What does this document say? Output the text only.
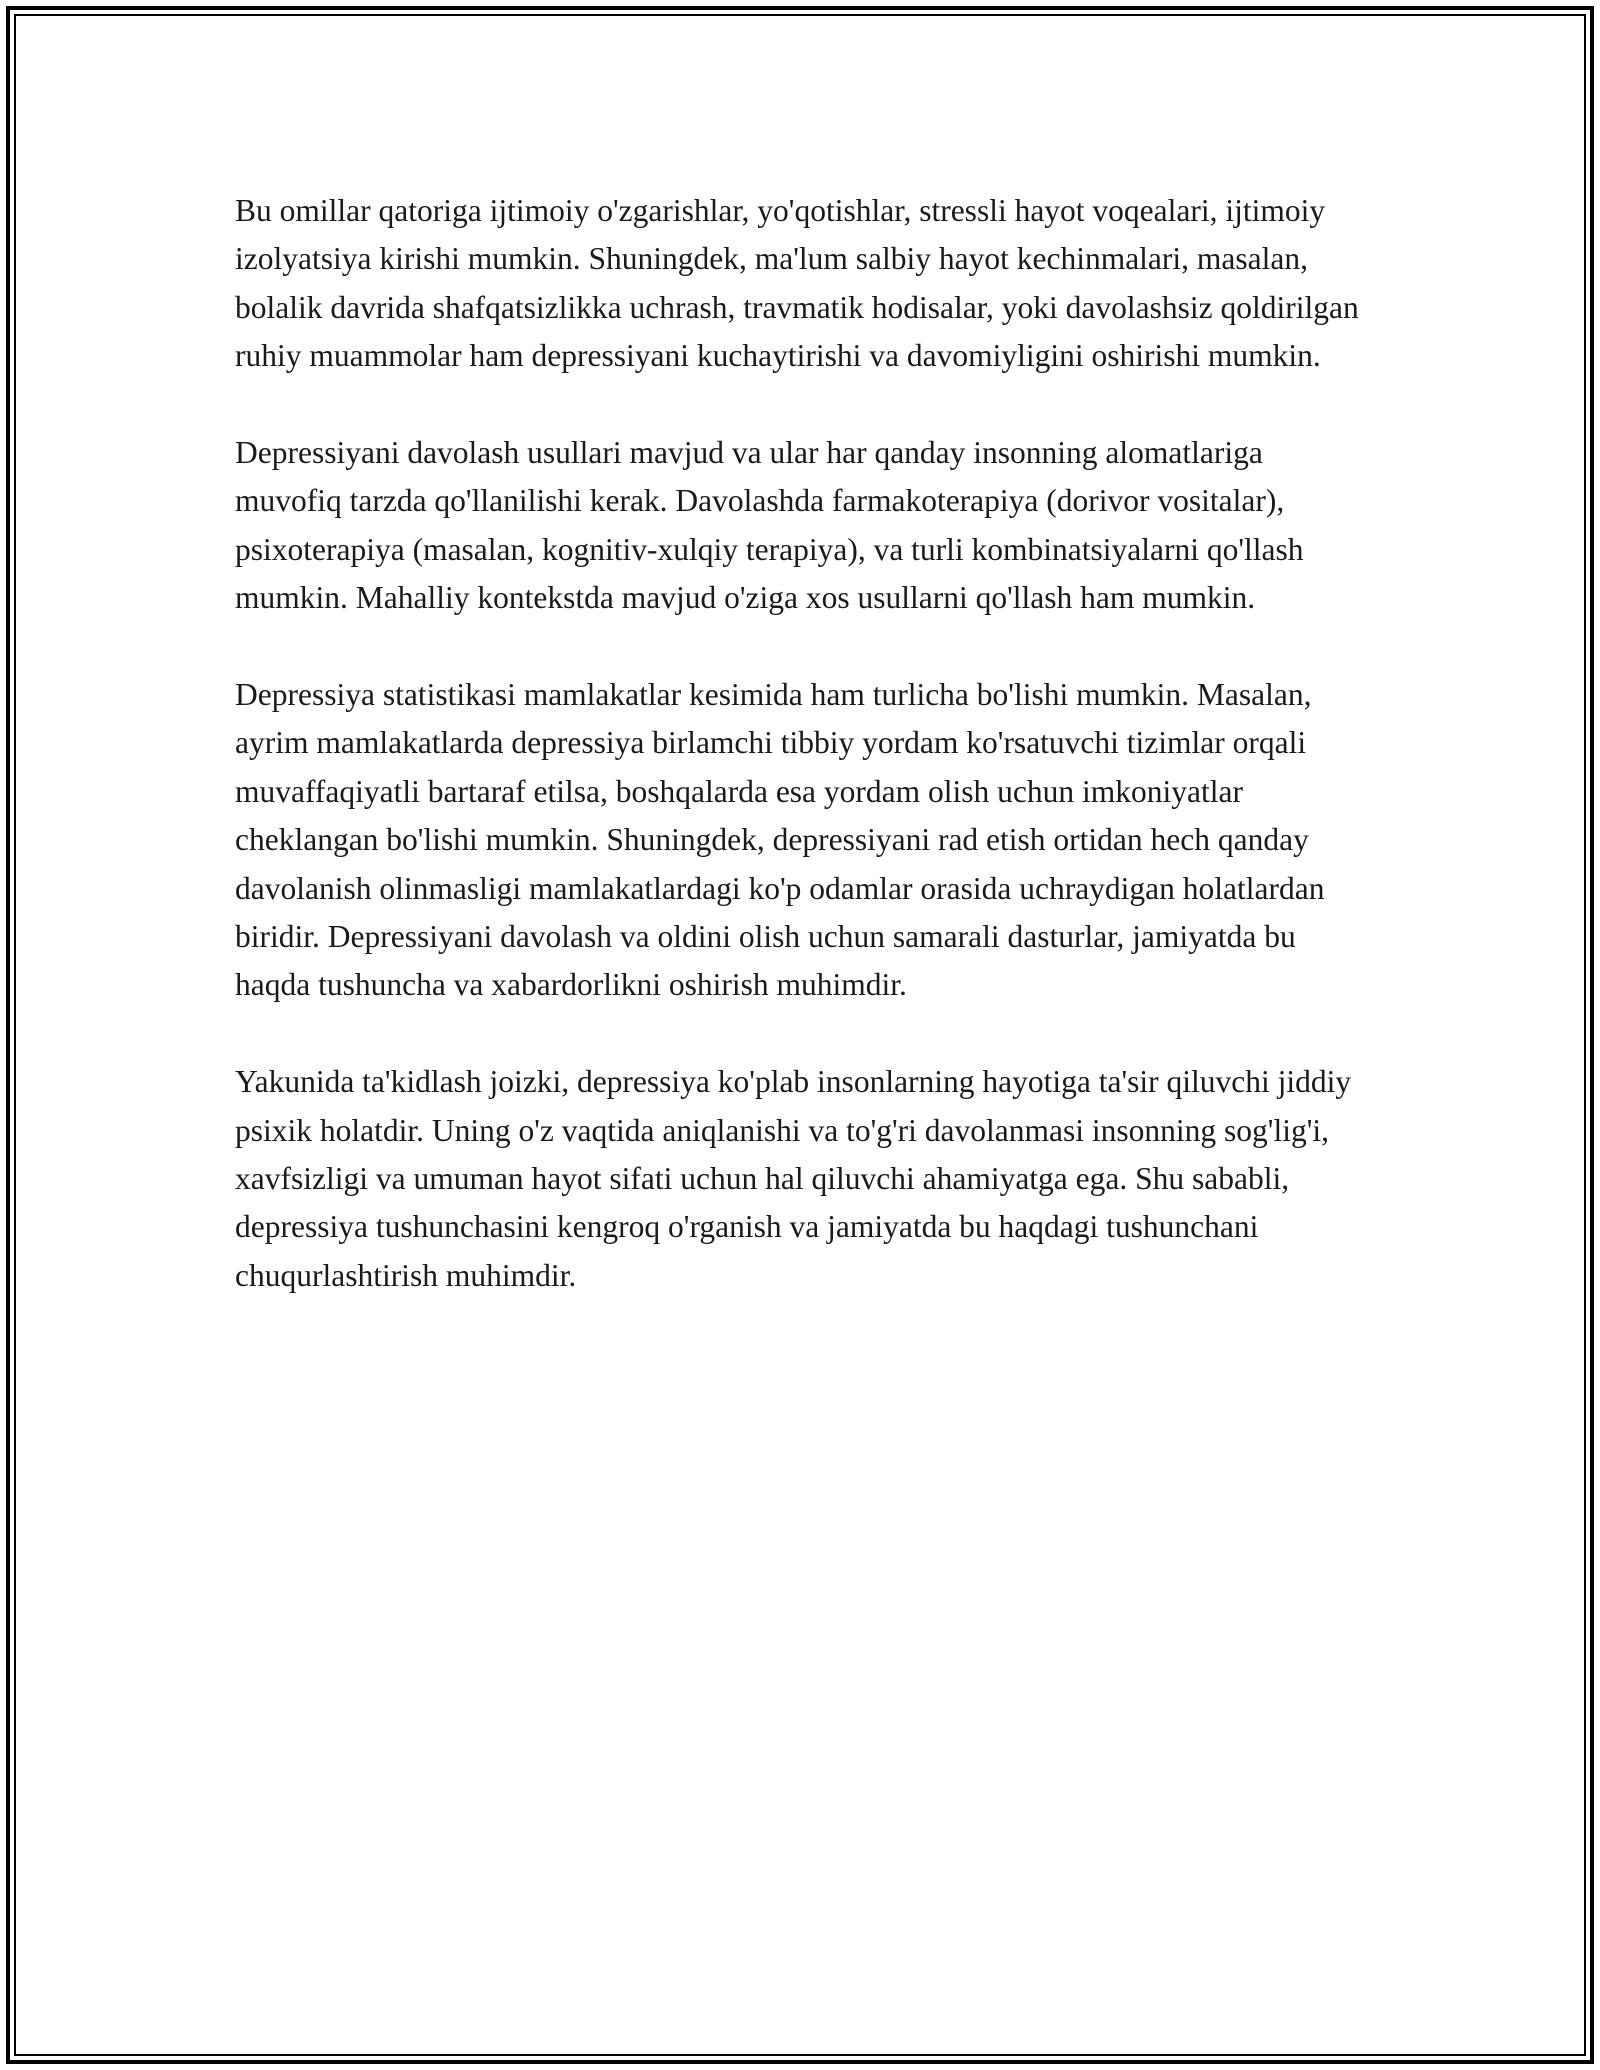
Bu omillar qatoriga ijtimoiy o'zgarishlar, yo'qotishlar, stressli hayot voqealari, ijtimoiy izolyatsiya kirishi mumkin. Shuningdek, ma'lum salbiy hayot kechinmalari, masalan, bolalik davrida shafqatsizlikka uchrash, travmatik hodisalar, yoki davolashsiz qoldirilgan ruhiy muammolar ham depressiyani kuchaytirishi va davomiyligini oshirishi mumkin.

Depressiyani davolash usullari mavjud va ular har qanday insonning alomatlariga muvofiq tarzda qo'llanilishi kerak. Davolashda farmakoterapiya (dorivor vositalar), psixoterapiya (masalan, kognitiv-xulqiy terapiya), va turli kombinatsiyalarni qo'llash mumkin. Mahalliy kontekstda mavjud o'ziga xos usullarni qo'llash ham mumkin.

Depressiya statistikasi mamlakatlar kesimida ham turlicha bo'lishi mumkin. Masalan, ayrim mamlakatlarda depressiya birlamchi tibbiy yordam ko'rsatuvchi tizimlar orqali muvaffaqiyatli bartaraf etilsa, boshqalarda esa yordam olish uchun imkoniyatlar cheklangan bo'lishi mumkin. Shuningdek, depressiyani rad etish ortidan hech qanday davolanish olinmasligi mamlakatlardagi ko'p odamlar orasida uchraydigan holatlardan biridir. Depressiyani davolash va oldini olish uchun samarali dasturlar, jamiyatda bu haqda tushuncha va xabardorlikni oshirish muhimdir.

Yakunida ta'kidlash joizki, depressiya ko'plab insonlarning hayotiga ta'sir qiluvchi jiddiy psixik holatdir. Uning o'z vaqtida aniqlanishi va to'g'ri davolanmasi insonning sog'lig'i, xavfsizligi va umuman hayot sifati uchun hal qiluvchi ahamiyatga ega. Shu sababli, depressiya tushunchasini kengroq o'rganish va jamiyatda bu haqdagi tushunchani chuqurlashtirish muhimdir.
